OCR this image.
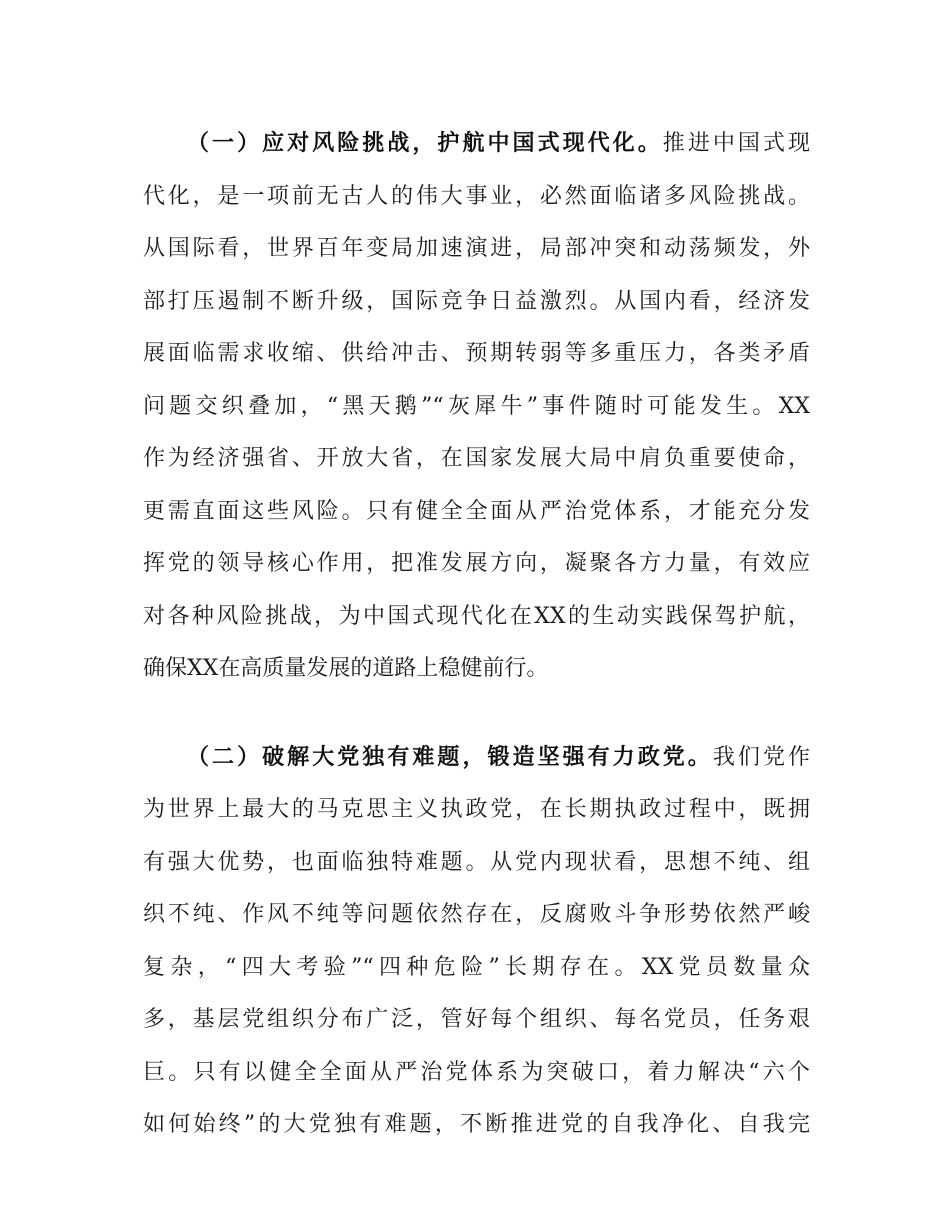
（一）应对风险挑战，护航中国式现代化。推进中国式现
代化，是一项前无古人的伟大事业，必然面临诸多风险挑战。
从国际看，世界百年变局加速演进，局部冲突和动荡频发，外
部打压遏制不断升级，国际竞争日益激烈。从国内看，经济发
展面临需求收缩、供给冲击、预期转弱等多重压力，各类矛盾
问题交织叠加，“黑天鹅”“灰犀牛”事件随时可能发生。XX
作为经济强省、开放大省，在国家发展大局中肩负重要使命，
更需直面这些风险。只有健全全面从严治党体系，才能充分发
挥党的领导核心作用，把准发展方向，凝聚各方力量，有效应
对各种风险挑战，为中国式现代化在XX的生动实践保驾护航，
确保XX在高质量发展的道路上稳健前行。
（二）破解大党独有难题，锻造坚强有力政党。我们党作
为世界上最大的马克思主义执政党，在长期执政过程中，既拥
有强大优势，也面临独特难题。从党内现状看，思想不纯、组
织不纯、作风不纯等问题依然存在，反腐败斗争形势依然严峻
复杂，“四大考验”“四种危险”长期存在。XX党员数量众
多，基层党组织分布广泛，管好每个组织、每名党员，任务艰
巨。只有以健全全面从严治党体系为突破口，着力解决“六个
如何始终”的大党独有难题，不断推进党的自我净化、自我完
